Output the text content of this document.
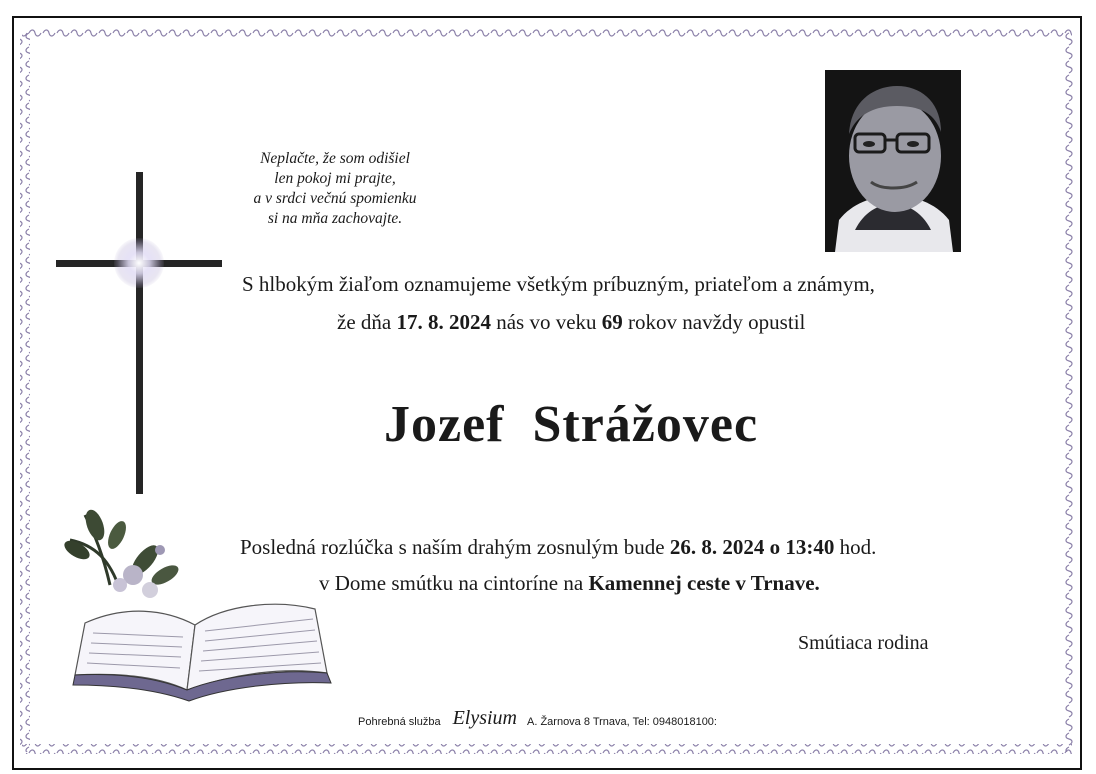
Neplačte, že som odišiel
len pokoj mi prajte,
a v srdci večnú spomienku
si na mňa zachovajte.
S hlbokým žiaľom oznamujeme všetkým príbuzným, priateľom a známym,
že dňa 17. 8. 2024 nás vo veku 69 rokov navždy opustil
Jozef  Strážovec
Posledná rozlúčka s naším drahým zosnulým bude 26. 8. 2024 o 13:40 hod.
v Dome smútku na cintoríne na Kamennej ceste v Trnave.
Smútiaca rodina
Pohrebná služba Elysium A. Žarnova 8 Trnava, Tel: 0948018100:
